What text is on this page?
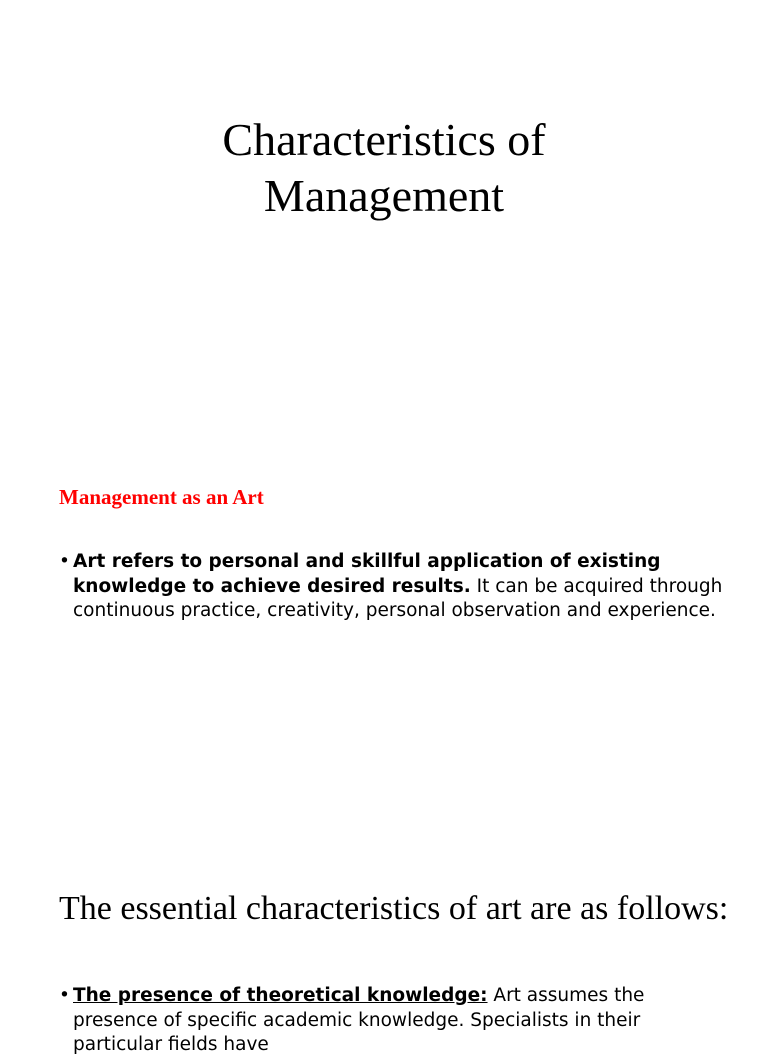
Characteristics of
Management
Management as an Art
• Art refers to personal and skillful application of existing knowledge to achieve desired results. It can be acquired through continuous practice, creativity, personal observation and experience.
The essential characteristics of art are as follows:
• The presence of theoretical knowledge: Art assumes the presence of specific academic knowledge. Specialists in their particular fields have
